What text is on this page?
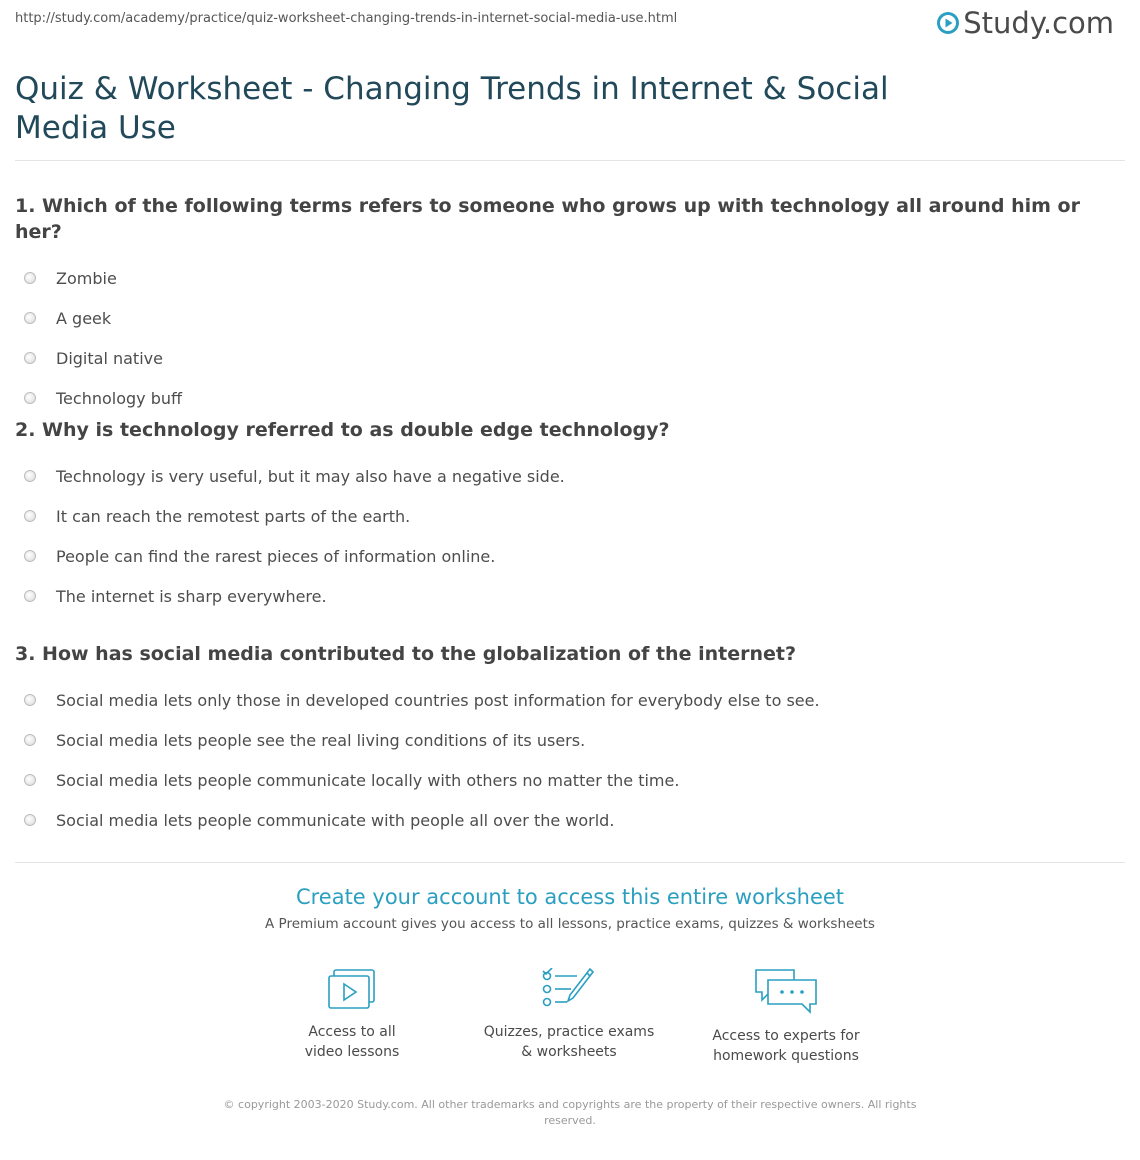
http://study.com/academy/practice/quiz-worksheet-changing-trends-in-internet-social-media-use.html	Study.com
Quiz & Worksheet - Changing Trends in Internet & Social Media Use
1. Which of the following terms refers to someone who grows up with technology all around him or her?
Zombie
A geek
Digital native
Technology buff
2. Why is technology referred to as double edge technology?
Technology is very useful, but it may also have a negative side.
It can reach the remotest parts of the earth.
People can find the rarest pieces of information online.
The internet is sharp everywhere.
3. How has social media contributed to the globalization of the internet?
Social media lets only those in developed countries post information for everybody else to see.
Social media lets people see the real living conditions of its users.
Social media lets people communicate locally with others no matter the time.
Social media lets people communicate with people all over the world.
Create your account to access this entire worksheet
A Premium account gives you access to all lessons, practice exams, quizzes & worksheets
Access to all
video lessons
Quizzes, practice exams
& worksheets
Access to experts for
homework questions
© copyright 2003-2020 Study.com. All other trademarks and copyrights are the property of their respective owners. All rights reserved.
